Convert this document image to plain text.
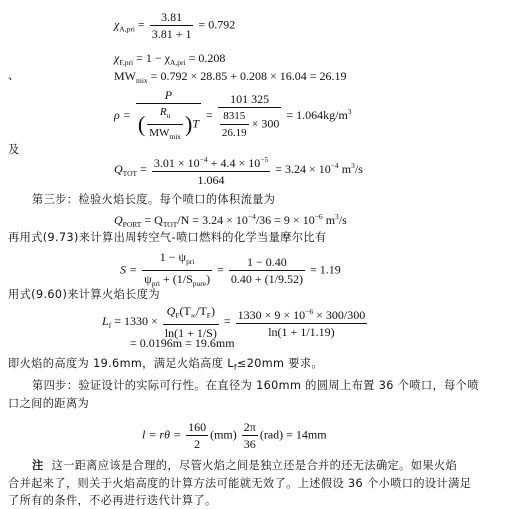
$\chi_{A,pri} = \frac{3.81}{3.81 + 1} = 0.792$
$\chi_{F,pri} = 1 - \chi_{A,pri} = 0.208$
、	$MW_{mix} = 0.792 \times 28.85 + 0.208 \times 16.04 = 26.19$
$\rho = \frac{P}{( \frac{R_u}{MW_{mix}} )T} = \frac{101 325}{\frac{8315}{26.19} \times 300} = 1.064kg/m^3$
及
$Q_{TOT} = \frac{3.01 \times 10^{-4} + 4.4 \times 10^{-5}}{1.064} = 3.24 \times 10^{-4}$ $m^3/s$
第三步：检验火焰长度。每个喷口的体积流量为
$Q_{PORT} = Q_{TOT}/N = 3.24 \times 10^{-4}/36 = 9 \times 10^{-6}$ $m^3/s$
再用式(9.73)来计算出周转空气-喷口燃料的化学当量摩尔比有
$S = \frac{1 - \psi_{pri}}{\psi_{pri} + (1/S_{pure})} = \frac{1 - 0.40}{0.40 + (1/9.52)} = 1.19$
用式(9.60)来计算火焰长度为
$L_f = 1330 \times \frac{Q_F(T_\infty/T_F)}{\ln(1 + 1/S)} = \frac{1330 \times 9 \times 10^{-6} \times 300/300}{\ln(1 + 1/1.19)}$
= 0.0196m = 19.6mm
即火焰的高度为 19.6mm，满足火焰高度 $L_f\le 20mm$ 要求。
第四步：验证设计的实际可行性。在直径为 160mm 的圆周上布置 36 个喷口，每个喷
口之间的距离为
$l = r\theta = \frac{160}{2} (mm) \frac{2\pi}{36} (rad) = 14mm$
注 这一距离应该是合理的，尽管火焰之间是独立还是合并的还无法确定。如果火焰
合并起来了，则关于火焰高度的计算方法可能就无效了。上述假设 36 个小喷口的设计满足
了所有的条件，不必再进行迭代计算了。
